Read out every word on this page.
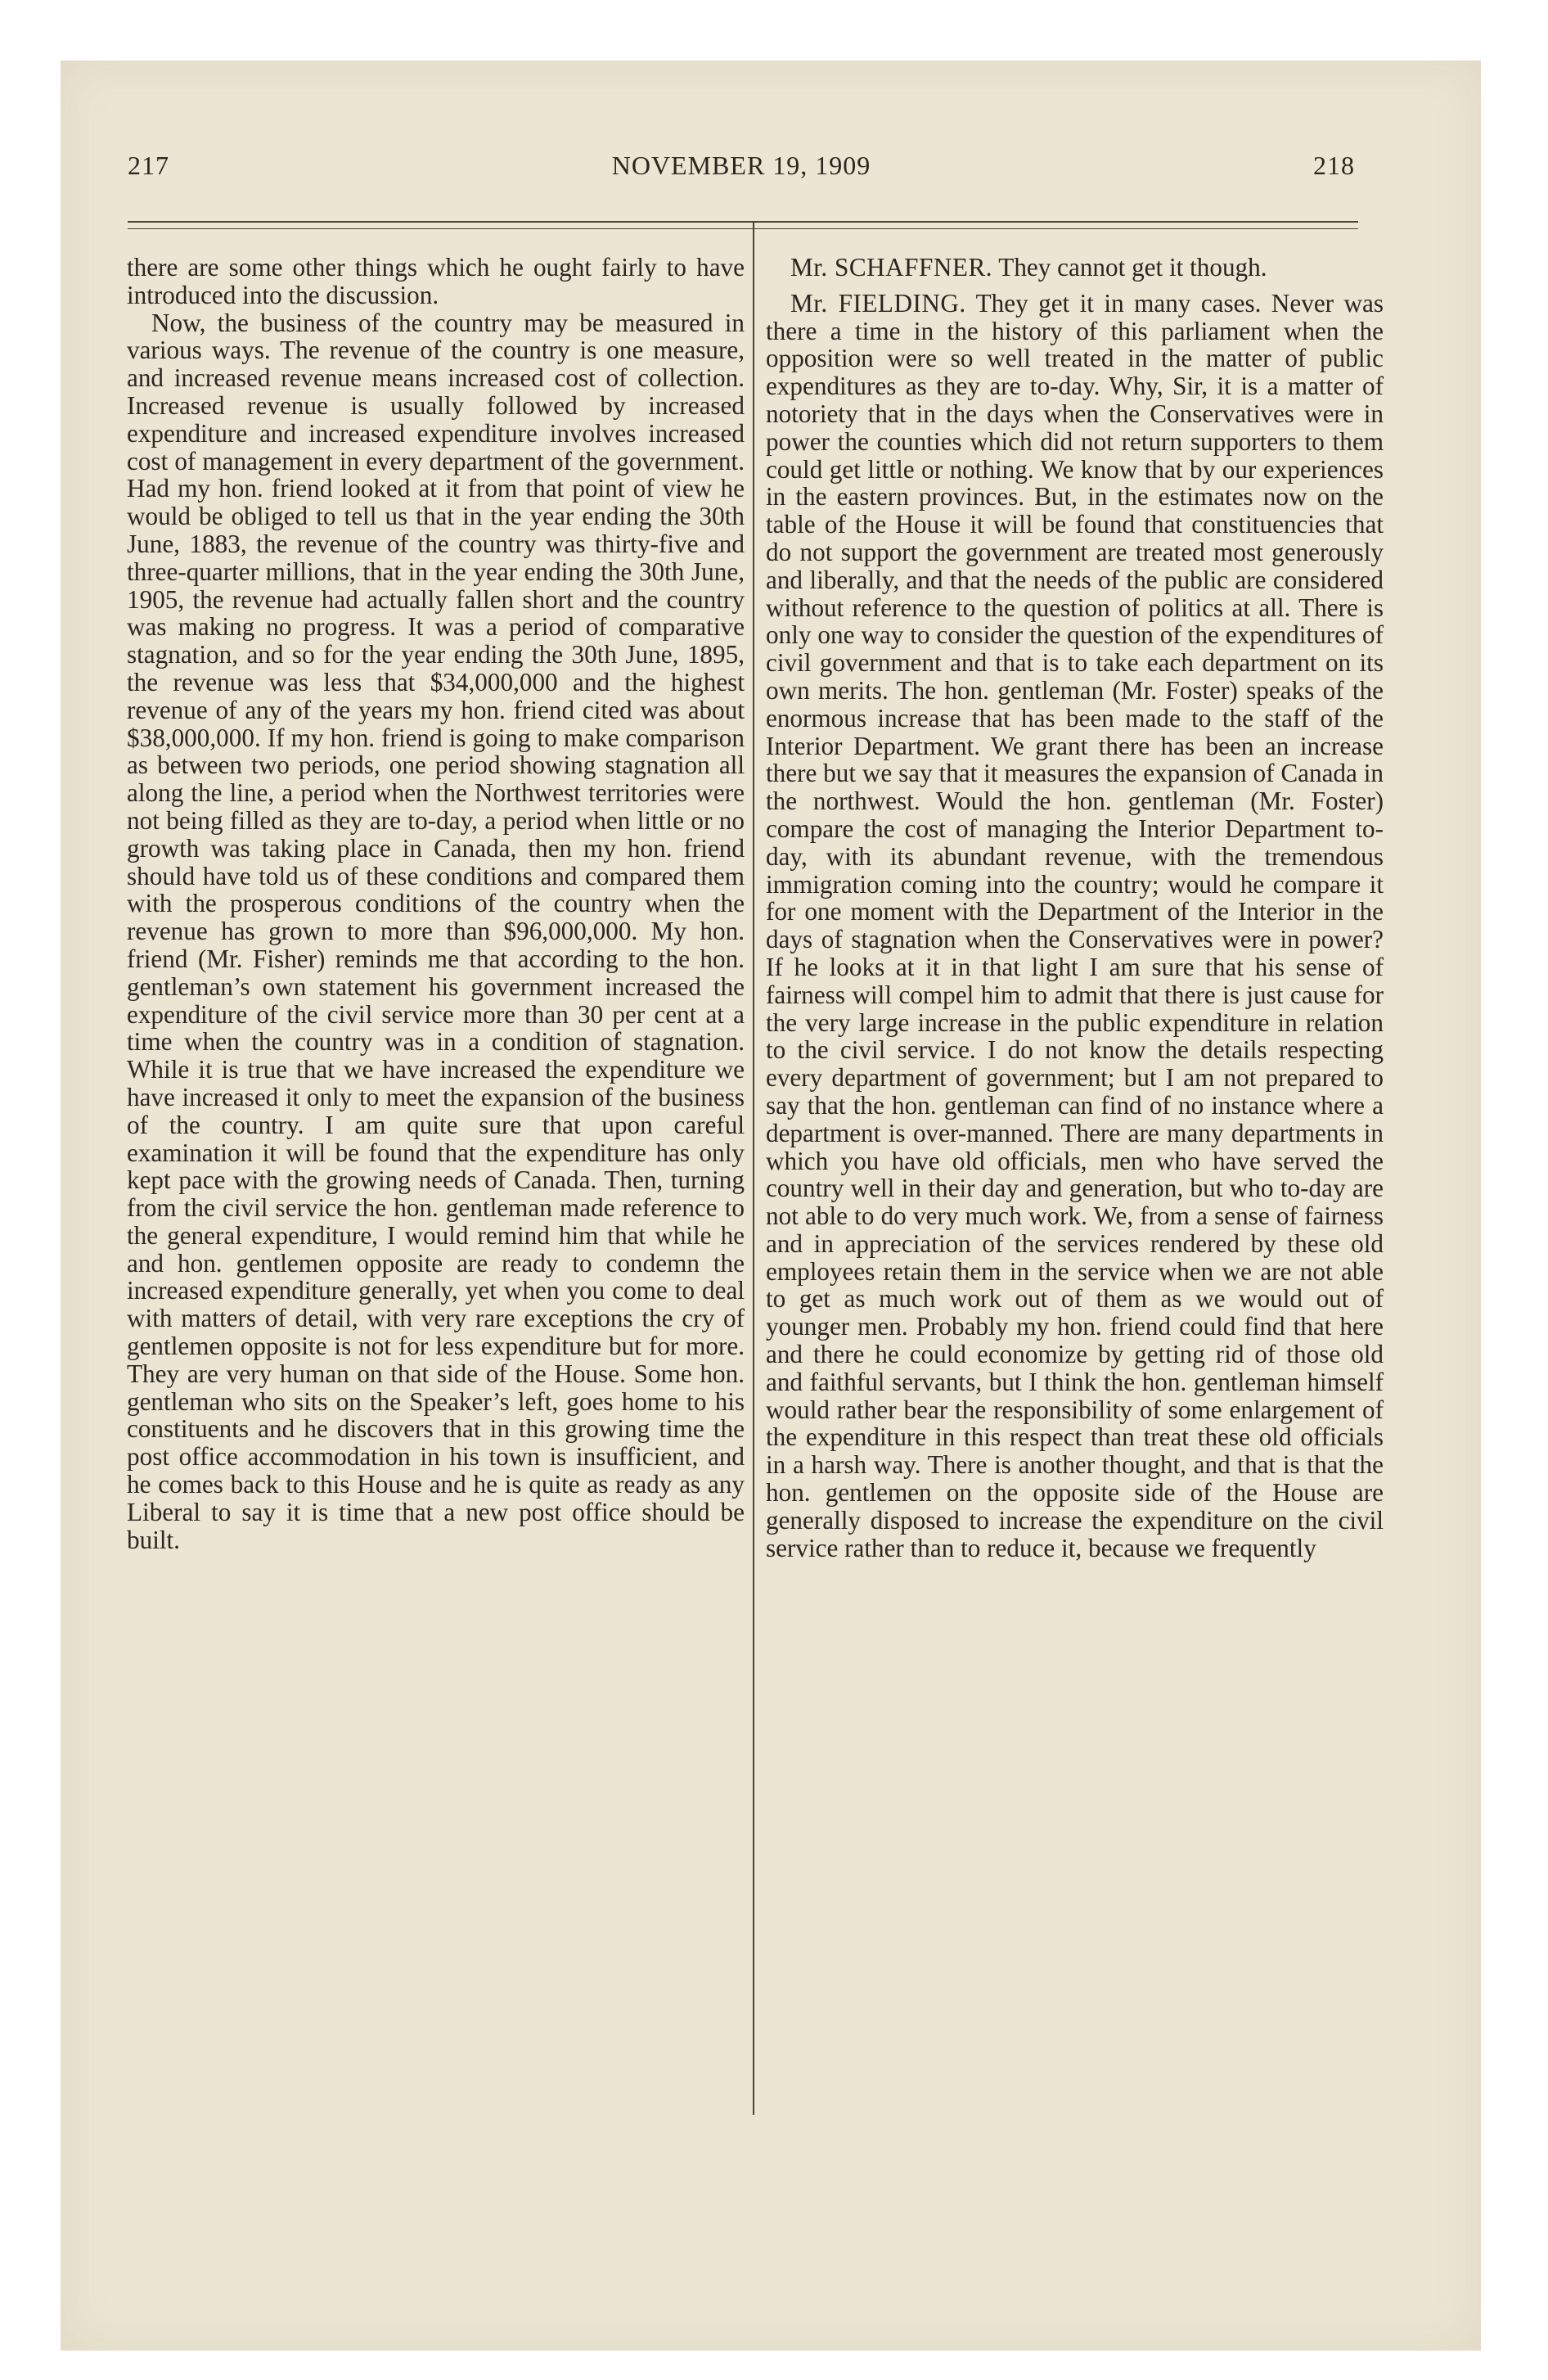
217	NOVEMBER 19, 1909	218

there are some other things which he ought fairly to have introduced into the discussion.

Now, the business of the country may be measured in various ways. The revenue of the country is one measure, and increased revenue means increased cost of collection. Increased revenue is usually followed by increased expenditure and increased expenditure involves increased cost of management in every department of the government. Had my hon. friend looked at it from that point of view he would be obliged to tell us that in the year ending the 30th June, 1883, the revenue of the country was thirty-five and three-quarter millions, that in the year ending the 30th June, 1905, the revenue had actually fallen short and the country was making no progress. It was a period of comparative stagnation, and so for the year ending the 30th June, 1895, the revenue was less that $34,000,000 and the highest revenue of any of the years my hon. friend cited was about $38,000,000. If my hon. friend is going to make comparison as between two periods, one period showing stagnation all along the line, a period when the Northwest territories were not being filled as they are to-day, a period when little or no growth was taking place in Canada, then my hon. friend should have told us of these conditions and compared them with the prosperous conditions of the country when the revenue has grown to more than $96,000,000. My hon. friend (Mr. Fisher) reminds me that according to the hon. gentleman’s own statement his government increased the expenditure of the civil service more than 30 per cent at a time when the country was in a condition of stagnation. While it is true that we have increased the expenditure we have increased it only to meet the expansion of the business of the country. I am quite sure that upon careful examination it will be found that the expenditure has only kept pace with the growing needs of Canada. Then, turning from the civil service the hon. gentleman made reference to the general expenditure, I would remind him that while he and hon. gentlemen opposite are ready to condemn the increased expenditure generally, yet when you come to deal with matters of detail, with very rare exceptions the cry of gentlemen opposite is not for less expenditure but for more. They are very human on that side of the House. Some hon. gentleman who sits on the Speaker’s left, goes home to his constituents and he discovers that in this growing time the post office accommodation in his town is insufficient, and he comes back to this House and he is quite as ready as any Liberal to say it is time that a new post office should be built.

Mr. SCHAFFNER. They cannot get it though.

Mr. FIELDING. They get it in many cases. Never was there a time in the history of this parliament when the opposition were so well treated in the matter of public expenditures as they are to-day. Why, Sir, it is a matter of notoriety that in the days when the Conservatives were in power the counties which did not return supporters to them could get little or nothing. We know that by our experiences in the eastern provinces. But, in the estimates now on the table of the House it will be found that constituencies that do not support the government are treated most generously and liberally, and that the needs of the public are considered without reference to the question of politics at all. There is only one way to consider the question of the expenditures of civil government and that is to take each department on its own merits. The hon. gentleman (Mr. Foster) speaks of the enormous increase that has been made to the staff of the Interior Department. We grant there has been an increase there but we say that it measures the expansion of Canada in the northwest. Would the hon. gentleman (Mr. Foster) compare the cost of managing the Interior Department to-day, with its abundant revenue, with the tremendous immigration coming into the country; would he compare it for one moment with the Department of the Interior in the days of stagnation when the Conservatives were in power? If he looks at it in that light I am sure that his sense of fairness will compel him to admit that there is just cause for the very large increase in the public expenditure in relation to the civil service. I do not know the details respecting every department of government; but I am not prepared to say that the hon. gentleman can find of no instance where a department is over-manned. There are many departments in which you have old officials, men who have served the country well in their day and generation, but who to-day are not able to do very much work. We, from a sense of fairness and in appreciation of the services rendered by these old employees retain them in the service when we are not able to get as much work out of them as we would out of younger men. Probably my hon. friend could find that here and there he could economize by getting rid of those old and faithful servants, but I think the hon. gentleman himself would rather bear the responsibility of some enlargement of the expenditure in this respect than treat these old officials in a harsh way. There is another thought, and that is that the hon. gentlemen on the opposite side of the House are generally disposed to increase the expenditure on the civil service rather than to reduce it, because we frequently
